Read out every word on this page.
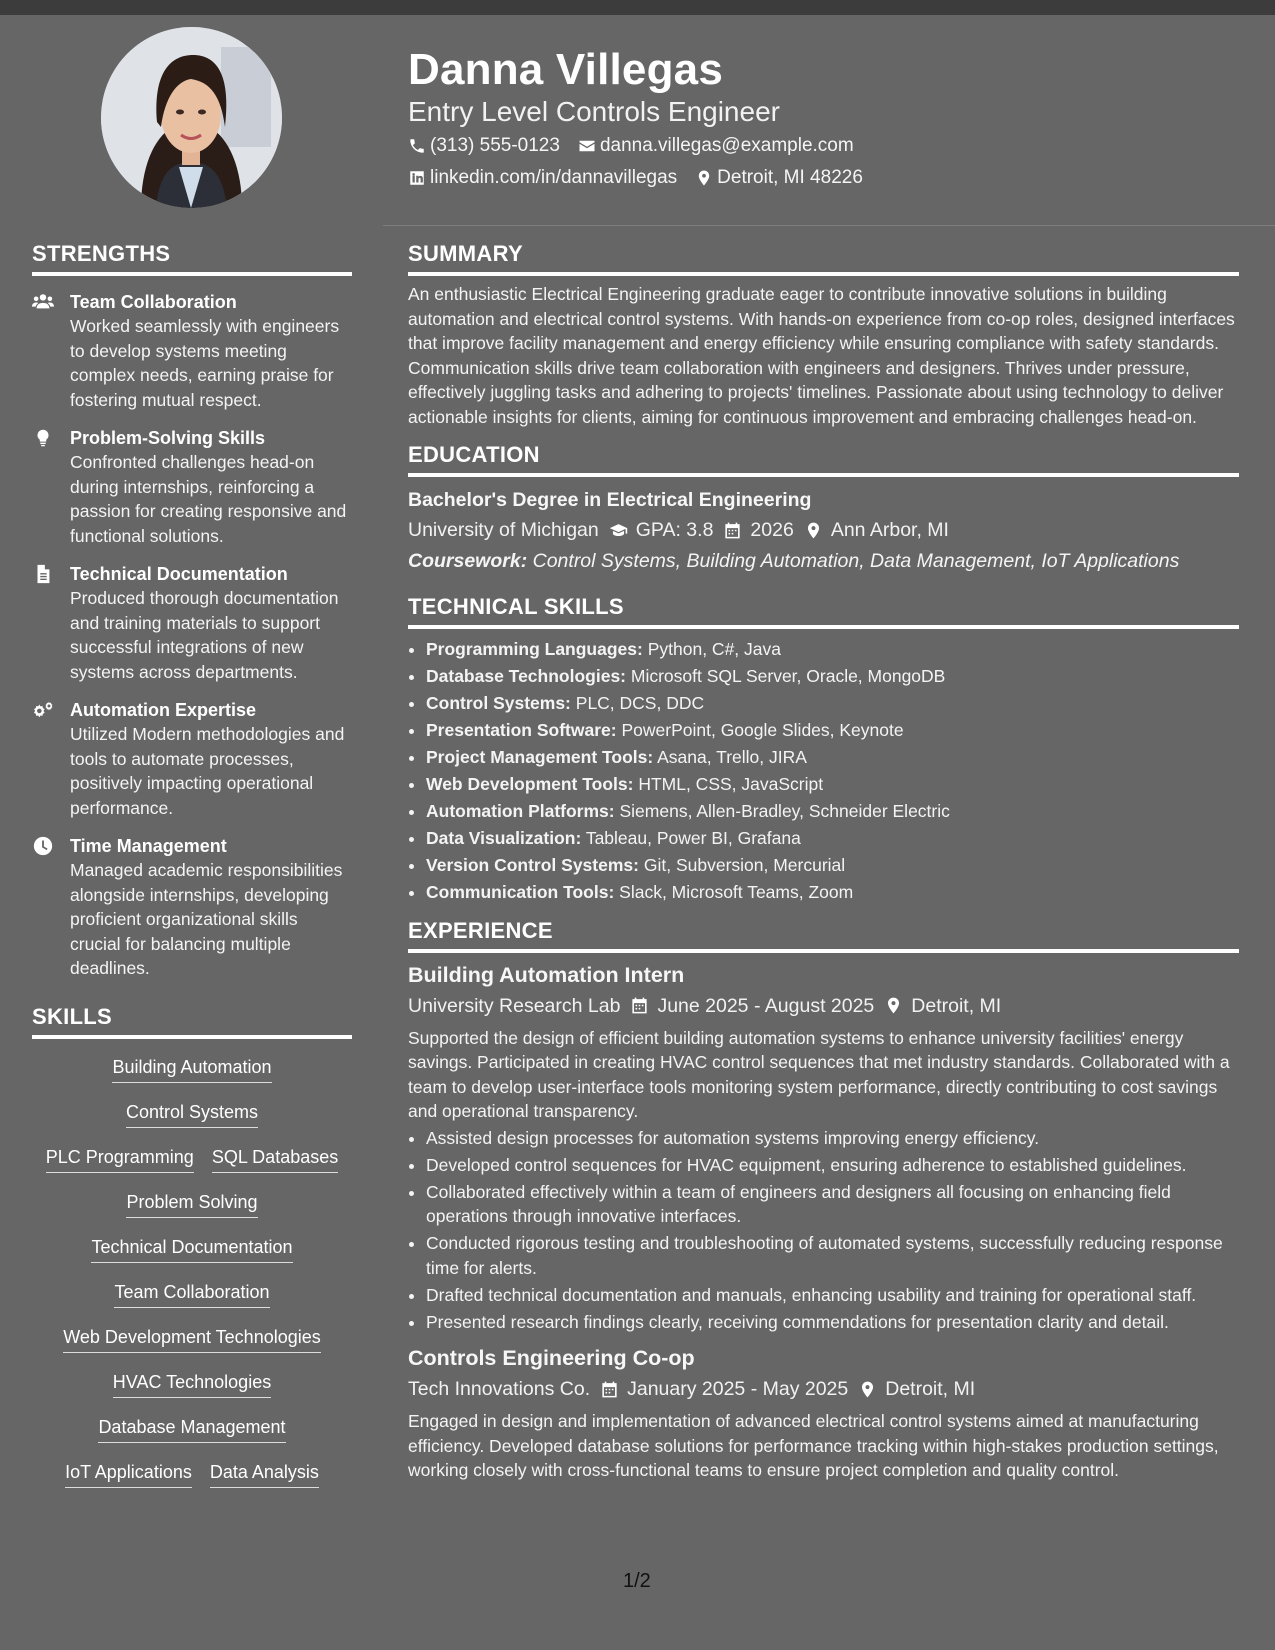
Danna Villegas
Entry Level Controls Engineer
(313) 555-0123 danna.villegas@example.com
linkedin.com/in/dannavillegas Detroit, MI 48226
STRENGTHS
Team Collaboration
Worked seamlessly with engineers to develop systems meeting complex needs, earning praise for fostering mutual respect.
Problem-Solving Skills
Confronted challenges head-on during internships, reinforcing a passion for creating responsive and functional solutions.
Technical Documentation
Produced thorough documentation and training materials to support successful integrations of new systems across departments.
Automation Expertise
Utilized Modern methodologies and tools to automate processes, positively impacting operational performance.
Time Management
Managed academic responsibilities alongside internships, developing proficient organizational skills crucial for balancing multiple deadlines.
SKILLS
Building Automation
Control Systems
PLC Programming SQL Databases
Problem Solving
Technical Documentation
Team Collaboration
Web Development Technologies
HVAC Technologies
Database Management
IoT Applications Data Analysis
SUMMARY

An enthusiastic Electrical Engineering graduate eager to contribute innovative solutions in building automation and electrical control systems. With hands-on experience from co-op roles, designed interfaces that improve facility management and energy efficiency while ensuring compliance with safety standards. Communication skills drive team collaboration with engineers and designers. Thrives under pressure, effectively juggling tasks and adhering to projects' timelines. Passionate about using technology to deliver actionable insights for clients, aiming for continuous improvement and embracing challenges head-on.

EDUCATION
Bachelor's Degree in Electrical Engineering
University of Michigan GPA: 3.8 2026 Ann Arbor, MI
Coursework: Control Systems, Building Automation, Data Management, IoT Applications
TECHNICAL SKILLS
• Programming Languages: Python, C#, Java
• Database Technologies: Microsoft SQL Server, Oracle, MongoDB
• Control Systems: PLC, DCS, DDC
• Presentation Software: PowerPoint, Google Slides, Keynote
• Project Management Tools: Asana, Trello, JIRA
• Web Development Tools: HTML, CSS, JavaScript
• Automation Platforms: Siemens, Allen-Bradley, Schneider Electric
• Data Visualization: Tableau, Power BI, Grafana
• Version Control Systems: Git, Subversion, Mercurial
• Communication Tools: Slack, Microsoft Teams, Zoom
EXPERIENCE
Building Automation Intern
University Research Lab June 2025 - August 2025 Detroit, MI

Supported the design of efficient building automation systems to enhance university facilities' energy savings. Participated in creating HVAC control sequences that met industry standards. Collaborated with a team to develop user-interface tools monitoring system performance, directly contributing to cost savings and operational transparency.

• Assisted design processes for automation systems improving energy efficiency.
• Developed control sequences for HVAC equipment, ensuring adherence to established guidelines.
• Collaborated effectively within a team of engineers and designers all focusing on enhancing field operations through innovative interfaces.
• Conducted rigorous testing and troubleshooting of automated systems, successfully reducing response time for alerts.
• Drafted technical documentation and manuals, enhancing usability and training for operational staff.
• Presented research findings clearly, receiving commendations for presentation clarity and detail.
Controls Engineering Co-op
Tech Innovations Co. January 2025 - May 2025 Detroit, MI

Engaged in design and implementation of advanced electrical control systems aimed at manufacturing efficiency. Developed database solutions for performance tracking within high-stakes production settings, working closely with cross-functional teams to ensure project completion and quality control.

1/2
